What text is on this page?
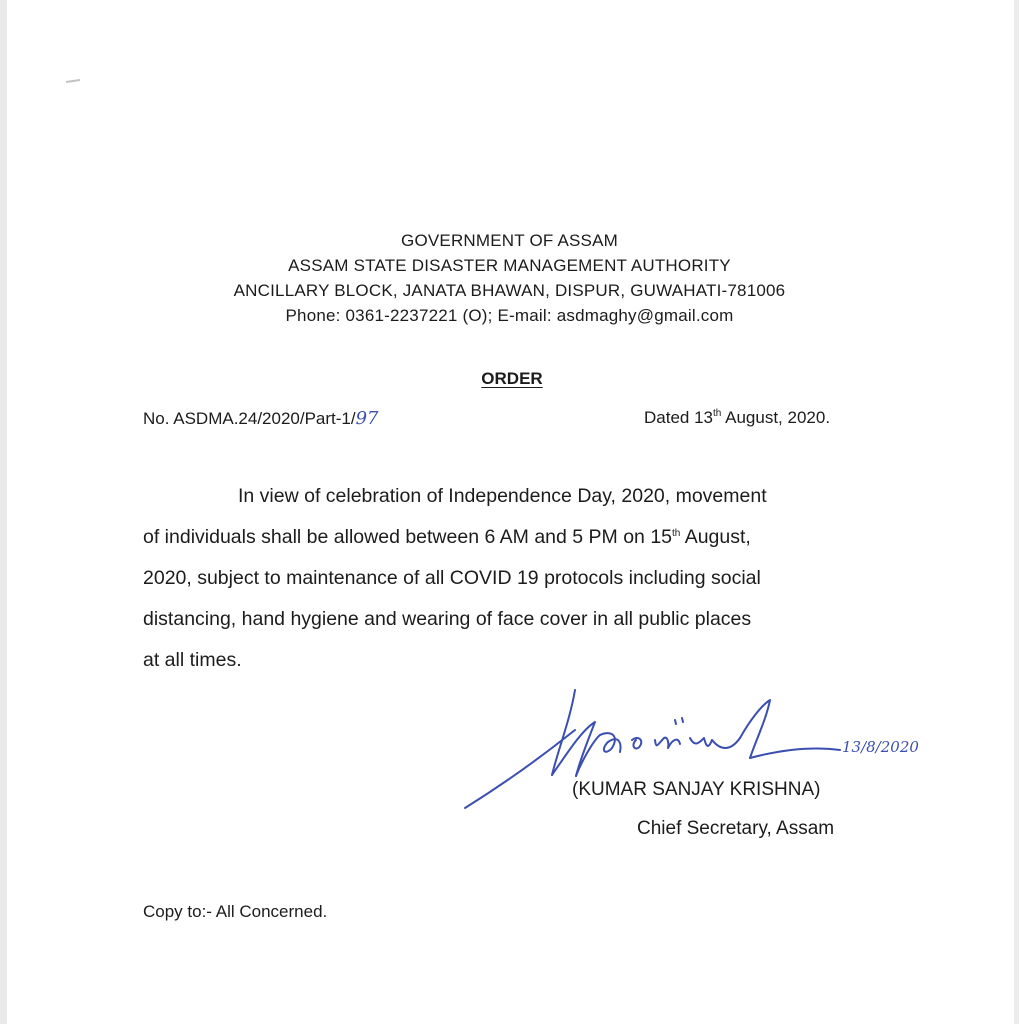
GOVERNMENT OF ASSAM
ASSAM STATE DISASTER MANAGEMENT AUTHORITY
ANCILLARY BLOCK, JANATA BHAWAN, DISPUR, GUWAHATI-781006
Phone: 0361-2237221 (O); E-mail: asdmaghy@gmail.com
ORDER
No. ASDMA.24/2020/Part-1/97	Dated 13th August, 2020.
In view of celebration of Independence Day, 2020, movement
of individuals shall be allowed between 6 AM and 5 PM on 15th August,
2020, subject to maintenance of all COVID 19 protocols including social
distancing, hand hygiene and wearing of face cover in all public places
at all times.
13/8/2020
(KUMAR SANJAY KRISHNA)
Chief Secretary, Assam
Copy to:- All Concerned.
